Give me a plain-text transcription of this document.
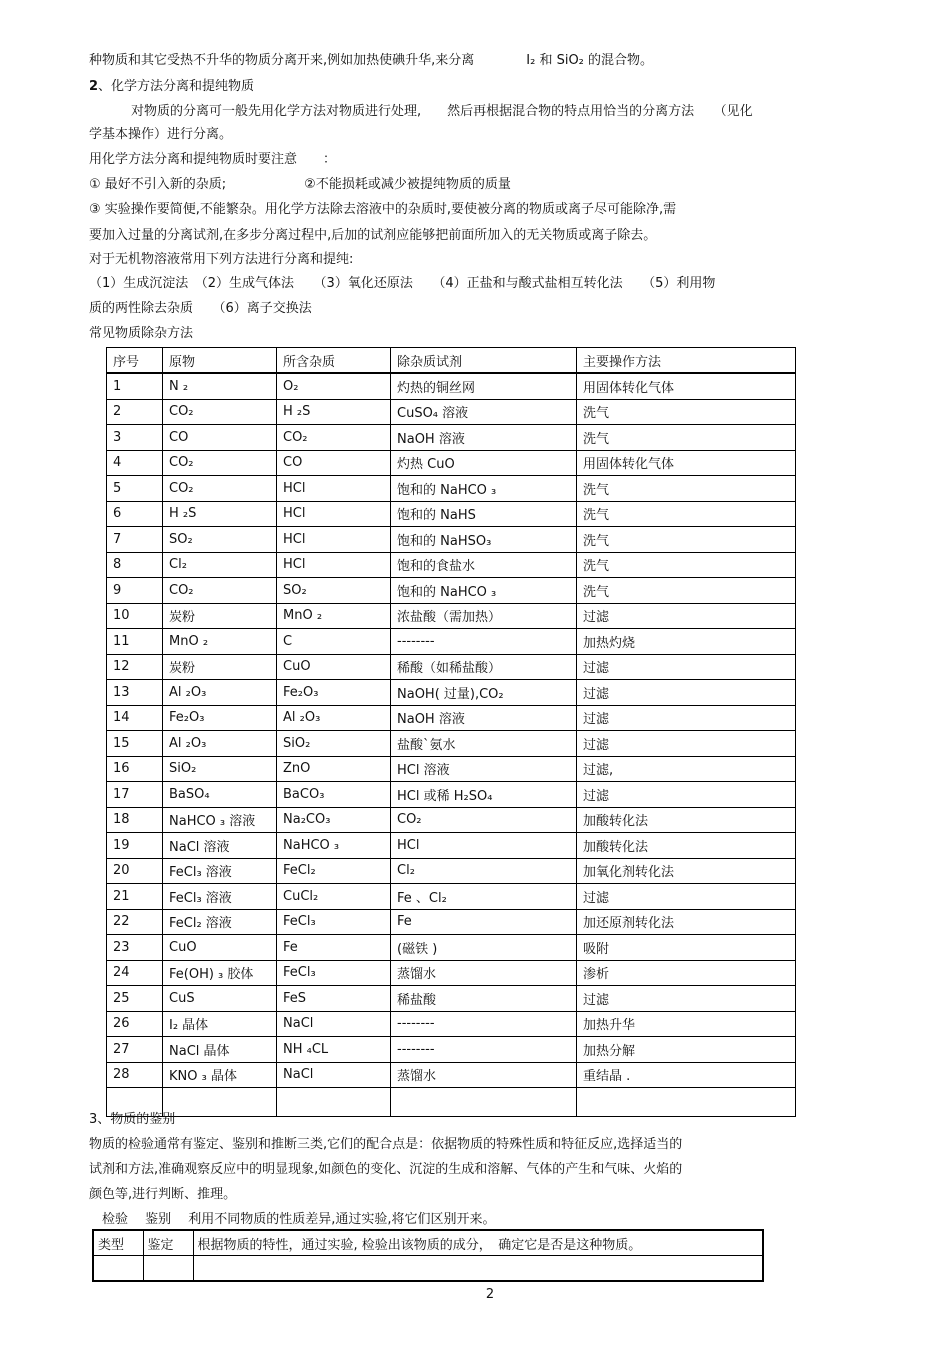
种物质和其它受热不升华的物质分离开来,例如加热使碘升华,来分离　　　　I₂ 和 SiO₂ 的混合物。
2、化学方法分离和提纯物质
对物质的分离可一般先用化学方法对物质进行处理,　　然后再根据混合物的特点用恰当的分离方法　　（见化
学基本操作）进行分离。
用化学方法分离和提纯物质时要注意　　：
① 最好不引入新的杂质;　　　　　　②不能损耗或减少被提纯物质的质量
③ 实验操作要简便,不能繁杂。用化学方法除去溶液中的杂质时,要使被分离的物质或离子尽可能除净,需
要加入过量的分离试剂,在多步分离过程中,后加的试剂应能够把前面所加入的无关物质或离子除去。
对于无机物溶液常用下列方法进行分离和提纯:
（1）生成沉淀法　（2）生成气体法　　（3）氧化还原法　　（4）正盐和与酸式盐相互转化法　　（5）利用物
质的两性除去杂质　　（6）离子交换法
常见物质除杂方法
序号	原物	所含杂质	除杂质试剂	主要操作方法
1	N ₂	O₂	灼热的铜丝网	用固体转化气体
2	CO₂	H ₂S	CuSO₄ 溶液	洗气
3	CO	CO₂	NaOH 溶液	洗气
4	CO₂	CO	灼热 CuO	用固体转化气体
5	CO₂	HCl	饱和的 NaHCO ₃	洗气
6	H ₂S	HCl	饱和的 NaHS	洗气
7	SO₂	HCl	饱和的 NaHSO₃	洗气
8	Cl₂	HCl	饱和的食盐水	洗气
9	CO₂	SO₂	饱和的 NaHCO ₃	洗气
10	炭粉	MnO ₂	浓盐酸（需加热）	过滤
11	MnO ₂	C	--------	加热灼烧
12	炭粉	CuO	稀酸（如稀盐酸）	过滤
13	Al ₂O₃	Fe₂O₃	NaOH( 过量),CO₂	过滤
14	Fe₂O₃	Al ₂O₃	NaOH 溶液	过滤
15	Al ₂O₃	SiO₂	盐酸`氨水	过滤
16	SiO₂	ZnO	HCl 溶液	过滤,
17	BaSO₄	BaCO₃	HCl 或稀 H₂SO₄	过滤
18	NaHCO ₃ 溶液	Na₂CO₃	CO₂	加酸转化法
19	NaCl 溶液	NaHCO ₃	HCl	加酸转化法
20	FeCl₃ 溶液	FeCl₂	Cl₂	加氧化剂转化法
21	FeCl₃ 溶液	CuCl₂	Fe 、Cl₂	过滤
22	FeCl₂ 溶液	FeCl₃	Fe	加还原剂转化法
23	CuO	Fe	(磁铁 )	吸附
24	Fe(OH) ₃ 胶体	FeCl₃	蒸馏水	渗析
25	CuS	FeS	稀盐酸	过滤
26	I₂ 晶体	NaCl	--------	加热升华
27	NaCl 晶体	NH ₄CL	--------	加热分解
28	KNO ₃ 晶体	NaCl	蒸馏水	重结晶 .

3、物质的鉴别
物质的检验通常有鉴定、鉴别和推断三类,它们的配合点是：依据物质的特殊性质和特征反应,选择适当的
试剂和方法,准确观察反应中的明显现象,如颜色的变化、沉淀的生成和溶解、气体的产生和气味、火焰的
颜色等,进行判断、推理。
　检验　 鉴别　 利用不同物质的性质差异,通过实验,将它们区别开来。
类型	鉴定	根据物质的特性，通过实验, 检验出该物质的成分，　确定它是否是这种物质。

2
